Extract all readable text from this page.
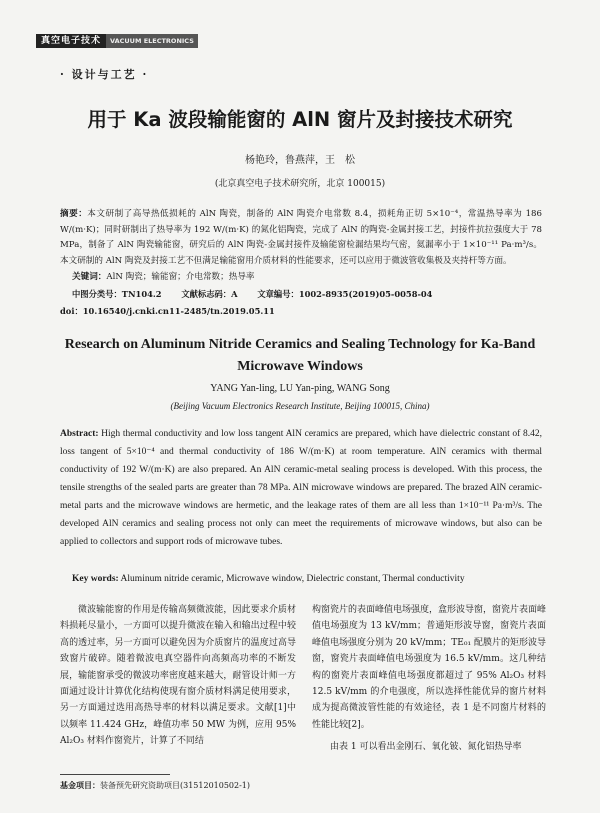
真空电子技术	VACUUM ELECTRONICS
· 设计与工艺 ·
用于 Ka 波段输能窗的 AlN 窗片及封接技术研究
杨艳玲，鲁燕萍，王　松
(北京真空电子技术研究所，北京 100015)
摘要：本文研制了高导热低损耗的 AlN 陶瓷，制备的 AlN 陶瓷介电常数 8.4，损耗角正切 5×10⁻⁴，常温热导率为 186 W/(m·K)；同时研制出了热导率为 192 W/(m·K) 的氮化铝陶瓷，完成了 AlN 的陶瓷-金属封接工艺，封接件抗拉强度大于 78 MPa，制备了 AlN 陶瓷输能窗，研究后的 AlN 陶瓷-金属封接件及输能窗检漏结果均气密，氦漏率小于 1×10⁻¹¹ Pa·m³/s。本文研制的 AlN 陶瓷及封接工艺不但满足输能窗用介质材料的性能要求，还可以应用于微波管收集极及夹持杆等方面。
关键词：AlN 陶瓷；输能窗；介电常数；热导率
中图分类号：TN104.2 文献标志码：A 文章编号：1002-8935(2019)05-0058-04
doi：10.16540/j.cnki.cn11-2485/tn.2019.05.11
Research on Aluminum Nitride Ceramics and Sealing Technology for Ka-Band Microwave Windows
YANG Yan-ling, LU Yan-ping, WANG Song
(Beijing Vacuum Electronics Research Institute, Beijing 100015, China)
Abstract: High thermal conductivity and low loss tangent AlN ceramics are prepared, which have dielectric constant of 8.42, loss tangent of 5×10⁻⁴ and thermal conductivity of 186 W/(m·K) at room temperature. AlN ceramics with thermal conductivity of 192 W/(m·K) are also prepared. An AlN ceramic-metal sealing process is developed. With this process, the tensile strengths of the sealed parts are greater than 78 MPa. AlN microwave windows are prepared. The brazed AlN ceramic-metal parts and the microwave windows are hermetic, and the leakage rates of them are all less than 1×10⁻¹¹ Pa·m³/s. The developed AlN ceramics and sealing process not only can meet the requirements of microwave windows, but also can be applied to collectors and support rods of microwave tubes.
Key words: Aluminum nitride ceramic, Microwave window, Dielectric constant, Thermal conductivity
微波输能窗的作用是传输高频微波能，因此要求介质材料损耗尽量小，一方面可以提升微波在输入和输出过程中较高的透过率，另一方面可以避免因为介质窗片的温度过高导致窗片破碎。随着微波电真空器件向高频高功率的不断发展，输能窗承受的微波功率密度越来越大，耐管设计师一方面通过设计计算优化结构使现有窗介质材料满足使用要求，另一方面通过选用高热导率的材料以满足要求。文献[1]中以频率 11.424 GHz，峰值功率 50 MW 为例，应用 95% Al₂O₃ 材料作窗瓷片，计算了不同结

构窗瓷片的表面峰值电场强度，盒形波导窗，窗瓷片表面峰值电场强度为 13 kV/mm；普通矩形波导窗，窗瓷片表面峰值电场强度分别为 20 kV/mm；TE₀₁ 配膜片的矩形波导窗，窗瓷片表面峰值电场强度为 16.5 kV/mm。这几种结构的窗瓷片表面峰值电场强度都超过了 95% Al₂O₃ 材料 12.5 kV/mm 的介电强度，所以选择性能优异的窗片材料成为提高微波管性能的有效途径，表 1 是不同窗片材料的性能比较[2]。

由表 1 可以看出金刚石、氧化铍、氮化铝热导率

基金项目：装备预先研究资助项目(31512010502-1)
